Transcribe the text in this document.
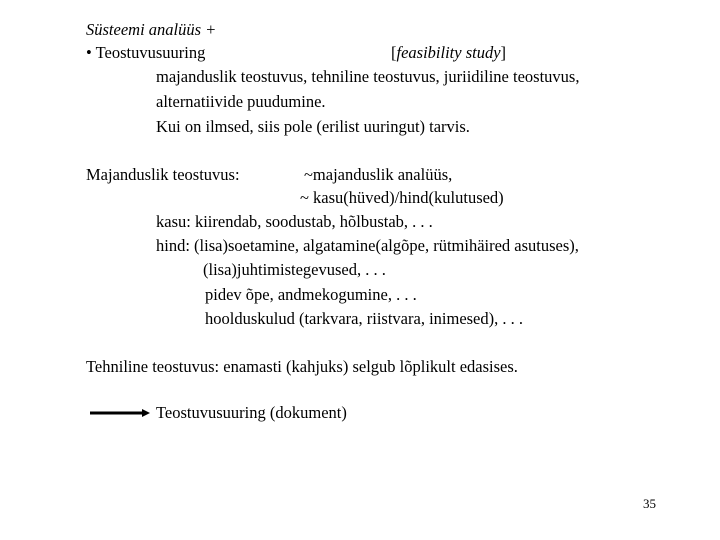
Süsteemi analüüs +
• Teostuvusuuring	[feasibility study]
majanduslik teostuvus, tehniline teostuvus, juriidiline teostuvus,
alternatiivide puudumine.
Kui on ilmsed, siis pole (erilist uuringut) tarvis.
Majanduslik teostuvus:	~majanduslik analüüs,
~ kasu(hüved)/hind(kulutused)
kasu: kiirendab, soodustab, hõlbustab, . . .
hind: (lisa)soetamine, algatamine(algõpe, rütmihäired asutuses),
(lisa)juhtimistegevused, . . .
pidev õpe, andmekogumine, . . .
hoolduskulud (tarkvara, riistvara, inimesed), . . .
Tehniline teostuvus: enamasti (kahjuks) selgub lõplikult edasises.
Teostuvusuuring (dokument)
35
